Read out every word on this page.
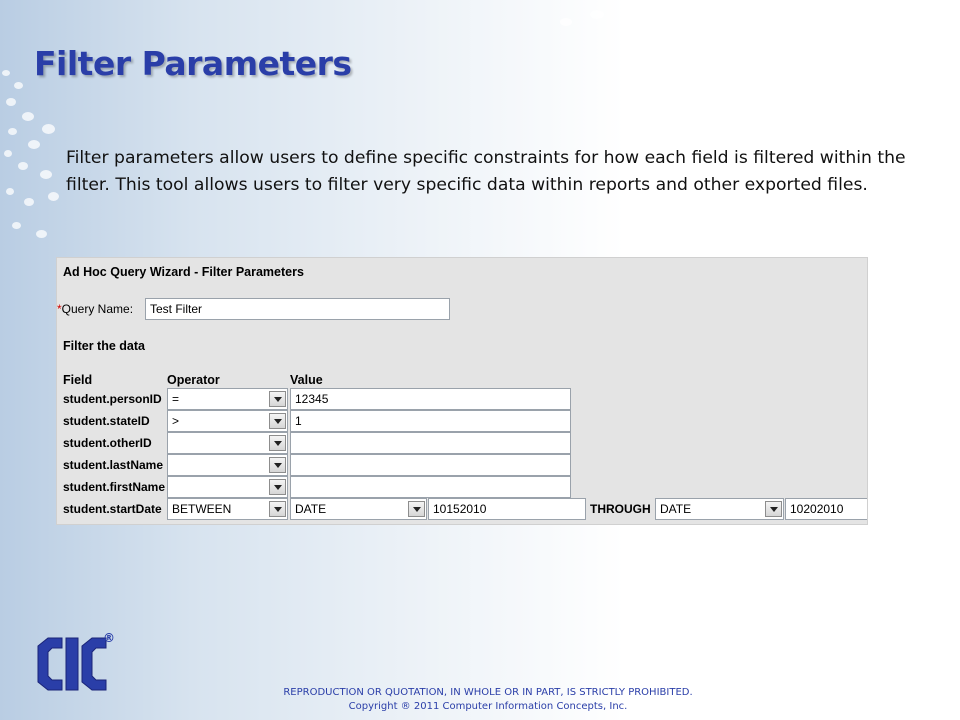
Filter Parameters
Filter parameters allow users to define specific constraints for how each field is filtered within the filter. This tool allows users to filter very specific data within reports and other exported files.
Ad Hoc Query Wizard - Filter Parameters
*Query Name:	Test Filter
Filter the data
Field	Operator	Value
student.personID =	12345
student.stateID	>	1
student.otherID
student.lastName
student.firstName
student.startDate BETWEEN	DATE	10152010	THROUGH DATE	10202010
®
REPRODUCTION OR QUOTATION, IN WHOLE OR IN PART, IS STRICTLY PROHIBITED.
Copyright ® 2011 Computer Information Concepts, Inc.
